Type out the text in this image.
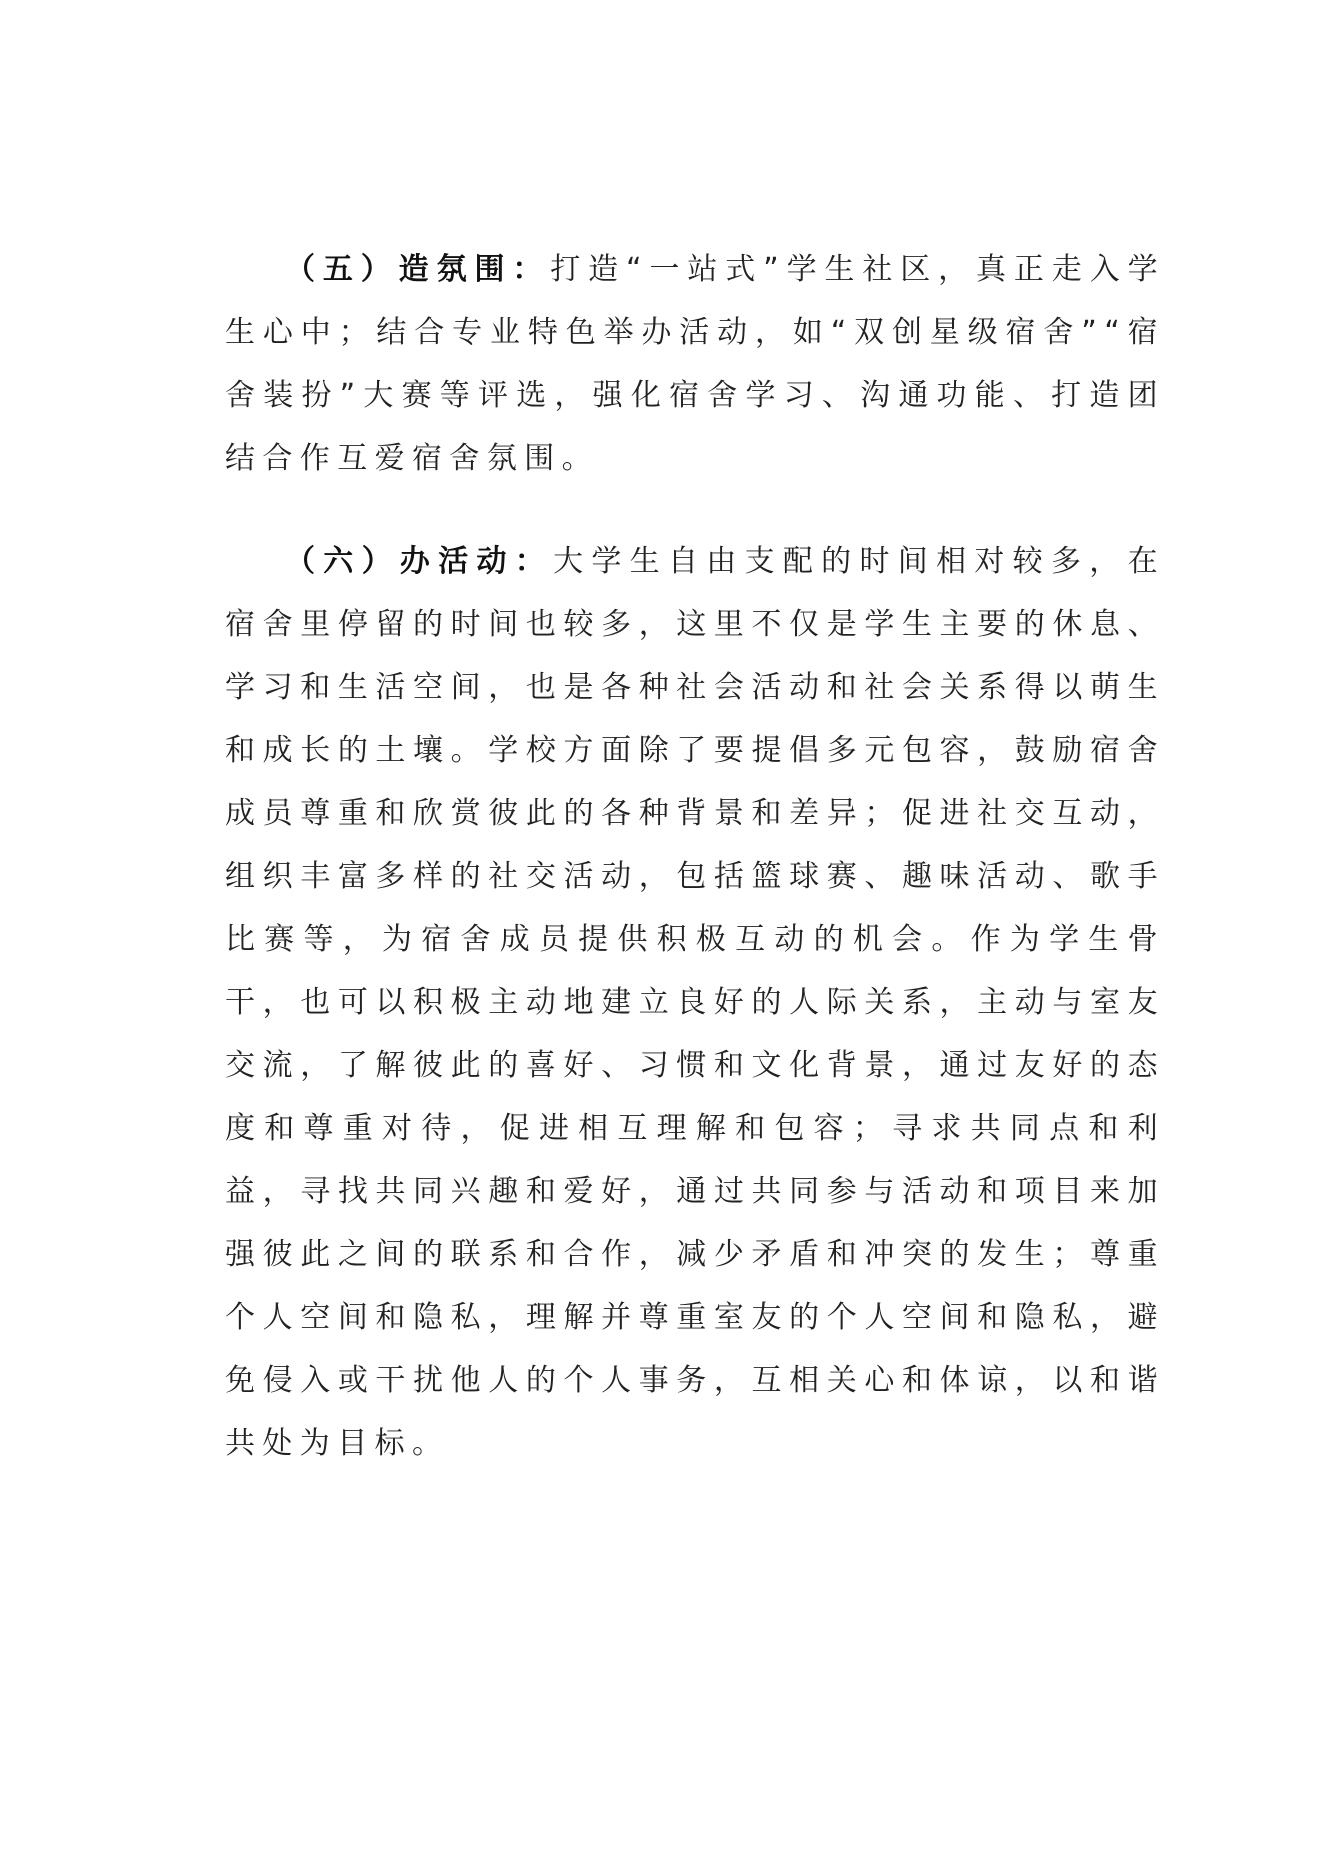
（五）造氛围：打造“一站式”学生社区，真正走入学生心中；结合专业特色举办活动，如“双创星级宿舍”“宿舍装扮”大赛等评选，强化宿舍学习、沟通功能、打造团结合作互爱宿舍氛围。

（六）办活动：大学生自由支配的时间相对较多，在宿舍里停留的时间也较多，这里不仅是学生主要的休息、学习和生活空间，也是各种社会活动和社会关系得以萌生和成长的土壤。学校方面除了要提倡多元包容，鼓励宿舍成员尊重和欣赏彼此的各种背景和差异；促进社交互动，组织丰富多样的社交活动，包括篮球赛、趣味活动、歌手比赛等，为宿舍成员提供积极互动的机会。作为学生骨干，也可以积极主动地建立良好的人际关系，主动与室友交流，了解彼此的喜好、习惯和文化背景，通过友好的态度和尊重对待，促进相互理解和包容；寻求共同点和利益，寻找共同兴趣和爱好，通过共同参与活动和项目来加强彼此之间的联系和合作，减少矛盾和冲突的发生；尊重个人空间和隐私，理解并尊重室友的个人空间和隐私，避免侵入或干扰他人的个人事务，互相关心和体谅，以和谐共处为目标。
